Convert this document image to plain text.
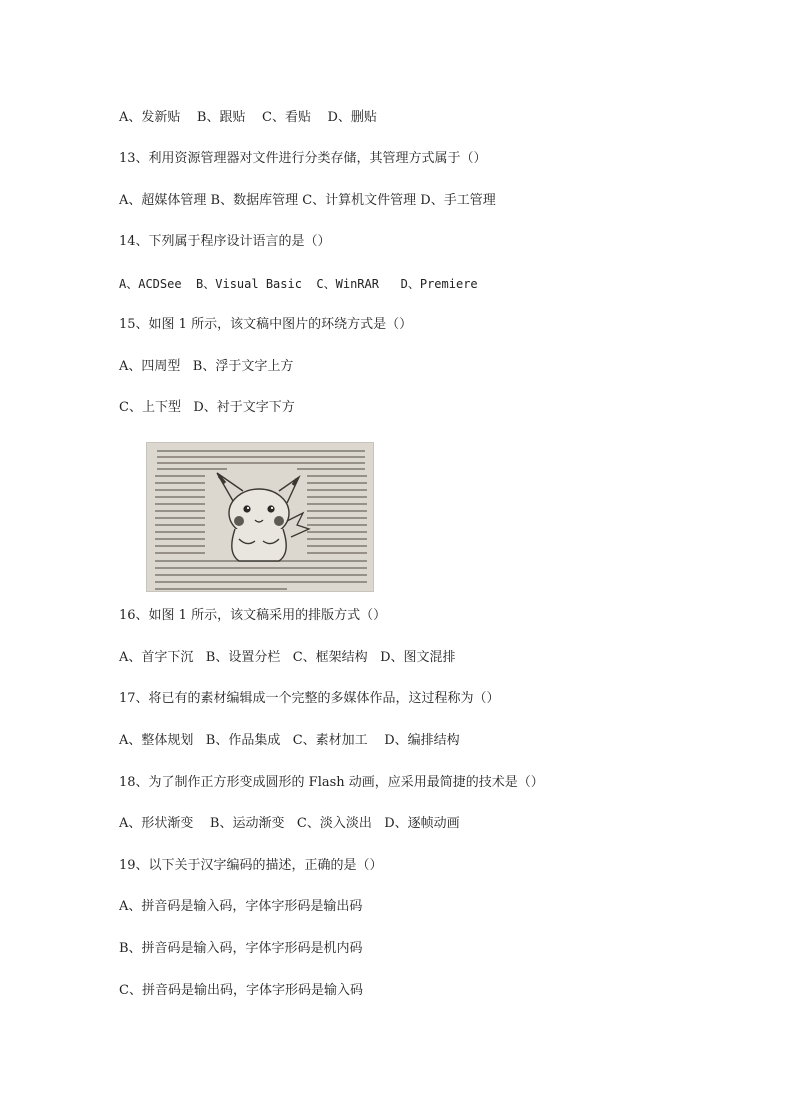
A、发新贴    B、跟贴    C、看贴    D、删贴
13、利用资源管理器对文件进行分类存储，其管理方式属于（）
A、超媒体管理 B、数据库管理 C、计算机文件管理 D、手工管理
14、下列属于程序设计语言的是（）
A、ACDSee  B、Visual Basic  C、WinRAR   D、Premiere
15、如图 1 所示，该文稿中图片的环绕方式是（）
A、四周型   B、浮于文字上方
C、上下型   D、衬于文字下方
16、如图 1 所示，该文稿采用的排版方式（）
A、首字下沉   B、设置分栏   C、框架结构   D、图文混排
17、将已有的素材编辑成一个完整的多媒体作品，这过程称为（）
A、整体规划   B、作品集成   C、素材加工    D、编排结构
18、为了制作正方形变成圆形的 Flash 动画，应采用最简捷的技术是（）
A、形状渐变    B、运动渐变   C、淡入淡出   D、逐帧动画
19、以下关于汉字编码的描述，正确的是（）
A、拼音码是输入码，字体字形码是输出码
B、拼音码是输入码，字体字形码是机内码
C、拼音码是输出码，字体字形码是输入码
